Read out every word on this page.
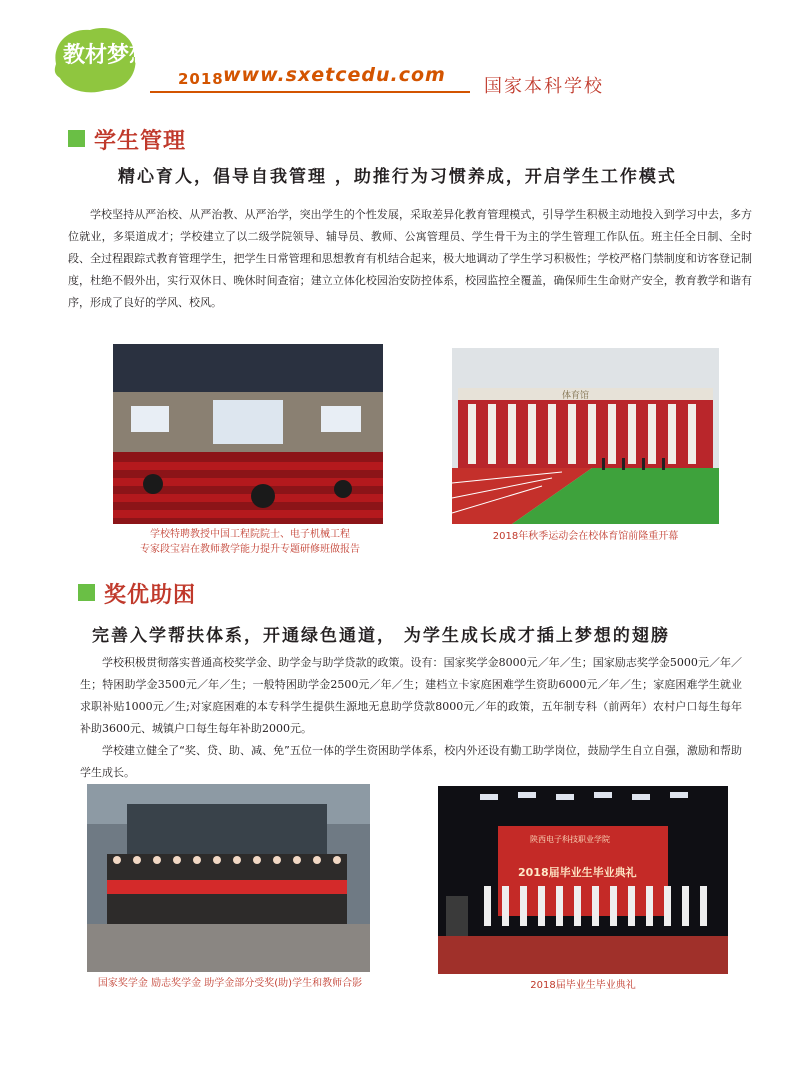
教材梦想
2018 www.sxetcedu.com
国家本科学校
学生管理
精心育人，倡导自我管理 ，助推行为习惯养成，开启学生工作模式
学校坚持从严治校、从严治教、从严治学，突出学生的个性发展，采取差异化教育管理模式，引导学生积极主动地投入到学习中去，多方位就业，多渠道成才；学校建立了以二级学院领导、辅导员、教师、公寓管理员、学生骨干为主的学生管理工作队伍。班主任全日制、全时段、全过程跟踪式教育管理学生，把学生日常管理和思想教育有机结合起来，极大地调动了学生学习积极性；学校严格门禁制度和访客登记制度，杜绝不假外出，实行双休日、晚休时间查宿；建立立体化校园治安防控体系，校园监控全覆盖，确保师生生命财产安全，教育教学和谐有序，形成了良好的学风、校风。
学校特聘教授中国工程院院士、电子机械工程
专家段宝岩在教师教学能力提升专题研修班做报告
体育馆
2018年秋季运动会在校体育馆前隆重开幕
奖优助困
完善入学帮扶体系，开通绿色通道， 为学生成长成才插上梦想的翅膀
学校积极贯彻落实普通高校奖学金、助学金与助学贷款的政策。设有：国家奖学金8000元／年／生；国家励志奖学金5000元／年／生；特困助学金3500元／年／生；一般特困助学金2500元／年／生；建档立卡家庭困难学生资助6000元／年／生；家庭困难学生就业求职补贴1000元／生;对家庭困难的本专科学生提供生源地无息助学贷款8000元／年的政策，五年制专科（前两年）农村户口每生每年补助3600元、城镇户口每生每年补助2000元。
学校建立健全了“奖、贷、助、减、免”五位一体的学生资困助学体系，校内外还设有勤工助学岗位，鼓励学生自立自强，激励和帮助学生成长。
国家奖学金 励志奖学金 助学金部分受奖(助)学生和教师合影
陕西电子科技职业学院
2018届毕业生毕业典礼
2018届毕业生毕业典礼
